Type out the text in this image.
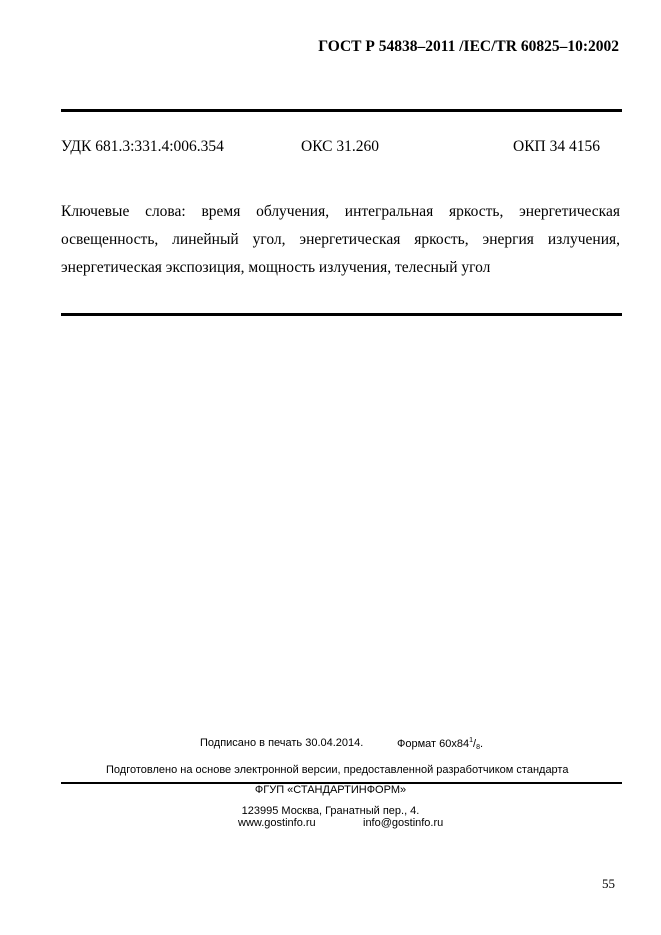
ГОСТ Р 54838–2011 /IEC/TR 60825–10:2002
УДК 681.3:331.4:006.354	ОКС 31.260	ОКП 34 4156
Ключевые слова: время облучения, интегральная яркость, энергетическая освещенность, линейный угол, энергетическая яркость, энергия излучения, энергетическая экспозиция, мощность излучения, телесный угол
Подписано в печать 30.04.2014.	Формат $60х84^1/_8$.
Подготовлено на основе электронной версии, предоставленной разработчиком стандарта
ФГУП «СТАНДАРТИНФОРМ»
123995 Москва, Гранатный пер., 4.
www.gostinfo.ru	info@gostinfo.ru
55
